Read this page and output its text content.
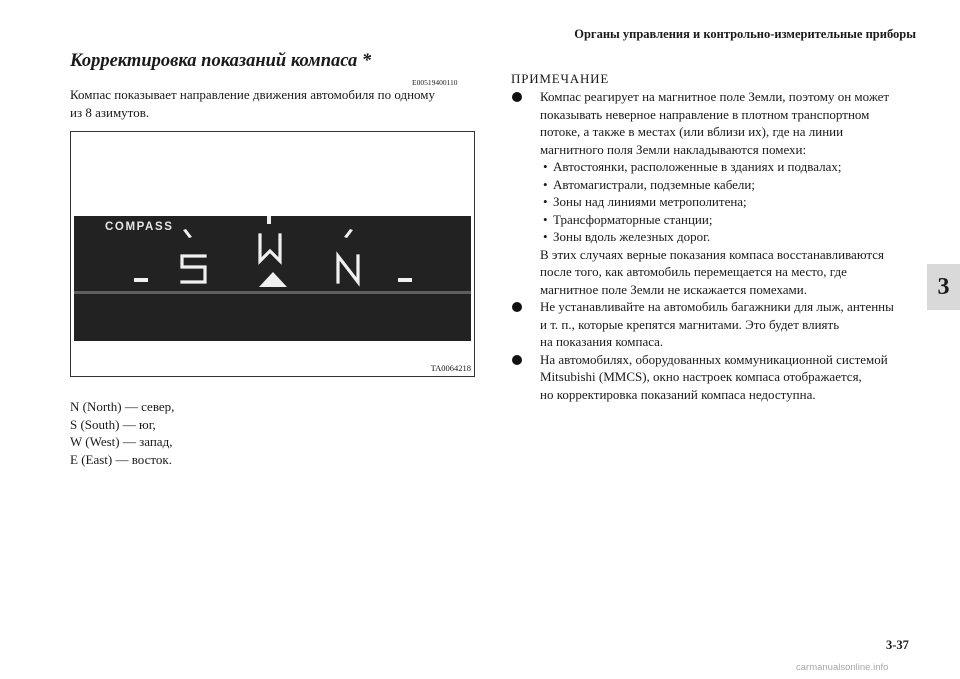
Органы управления и контрольно-измерительные приборы
3
Корректировка показаний компаса *
E00519400110
Компас показывает направление движения автомобиля по одному
из 8 азимутов.
COMPASS
TA0064218
N (North) — север,
S (South) — юг,
W (West) — запад,
E (East) — восток.
ПРИМЕЧАНИЕ
Компас реагирует на магнитное поле Земли, поэтому он может
показывать неверное направление в плотном транспортном
потоке, а также в местах (или вблизи их), где на линии
магнитного поля Земли накладываются помехи:
• Автостоянки, расположенные в зданиях и подвалах;
• Автомагистрали, подземные кабели;
• Зоны над линиями метрополитена;
• Трансформаторные станции;
• Зоны вдоль железных дорог.
В этих случаях верные показания компаса восстанавливаются
после того, как автомобиль перемещается на место, где
магнитное поле Земли не искажается помехами.
Не устанавливайте на автомобиль багажники для лыж, антенны
и т. п., которые крепятся магнитами. Это будет влиять
на показания компаса.
На автомобилях, оборудованных коммуникационной системой
Mitsubishi (MMCS), окно настроек компаса отображается,
но корректировка показаний компаса недоступна.
3-37
carmanualsonline.info
